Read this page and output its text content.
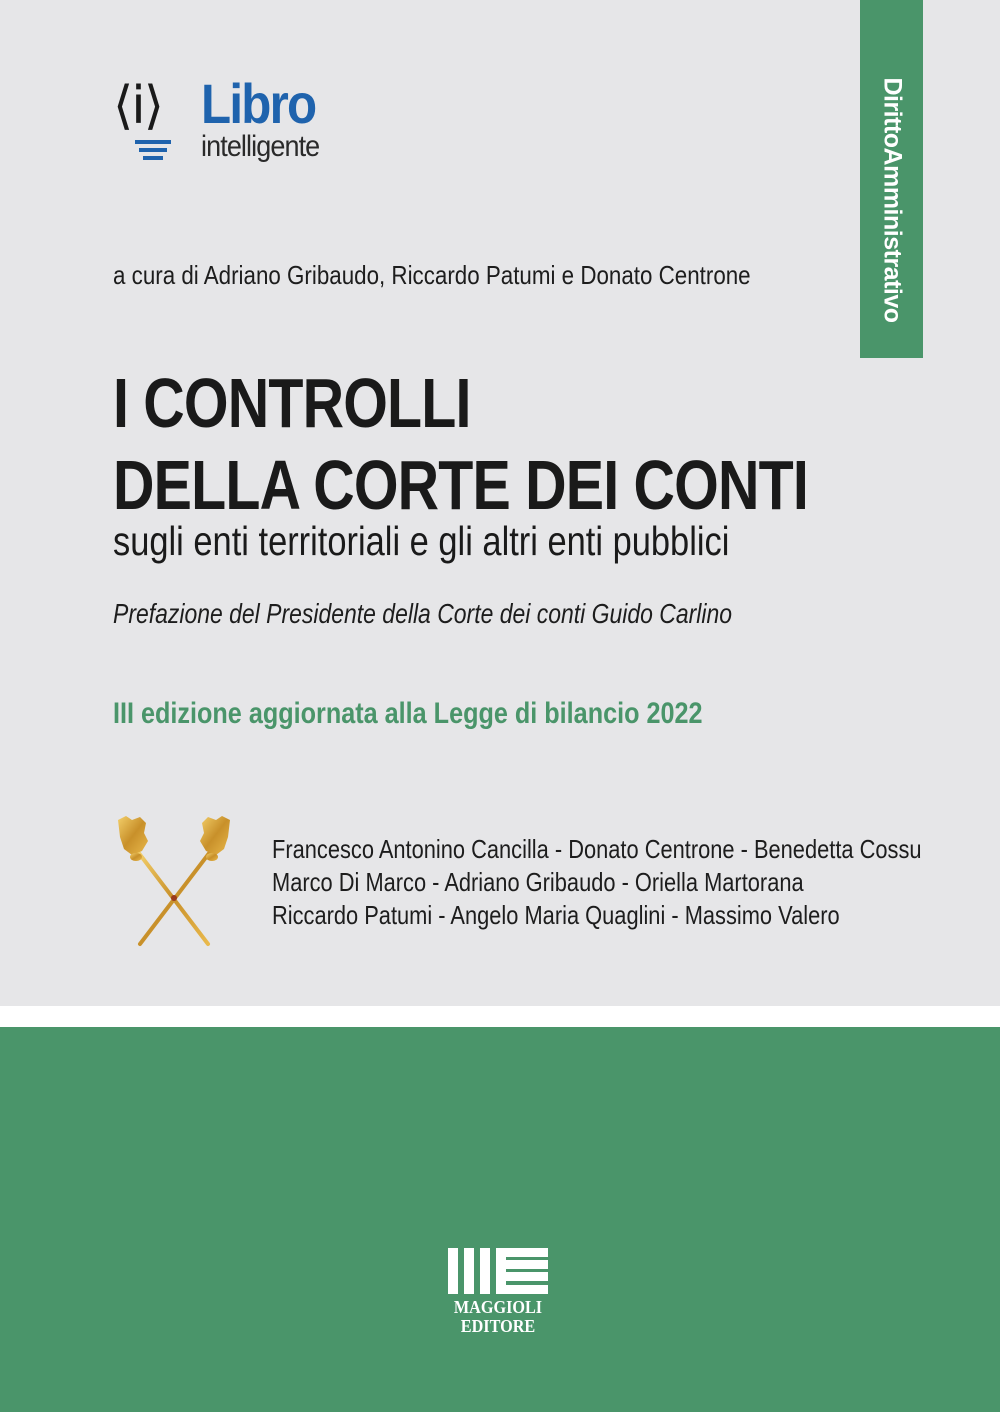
DirittoAmministrativo
⟨i⟩ Libro
intelligente
a cura di Adriano Gribaudo, Riccardo Patumi e Donato Centrone
I CONTROLLI
DELLA CORTE DEI CONTI
sugli enti territoriali e gli altri enti pubblici
Prefazione del Presidente della Corte dei conti Guido Carlino
III edizione aggiornata alla Legge di bilancio 2022
Francesco Antonino Cancilla - Donato Centrone - Benedetta Cossu
Marco Di Marco - Adriano Gribaudo - Oriella Martorana
Riccardo Patumi - Angelo Maria Quaglini - Massimo Valero
MAGGIOLI
EDITORE
